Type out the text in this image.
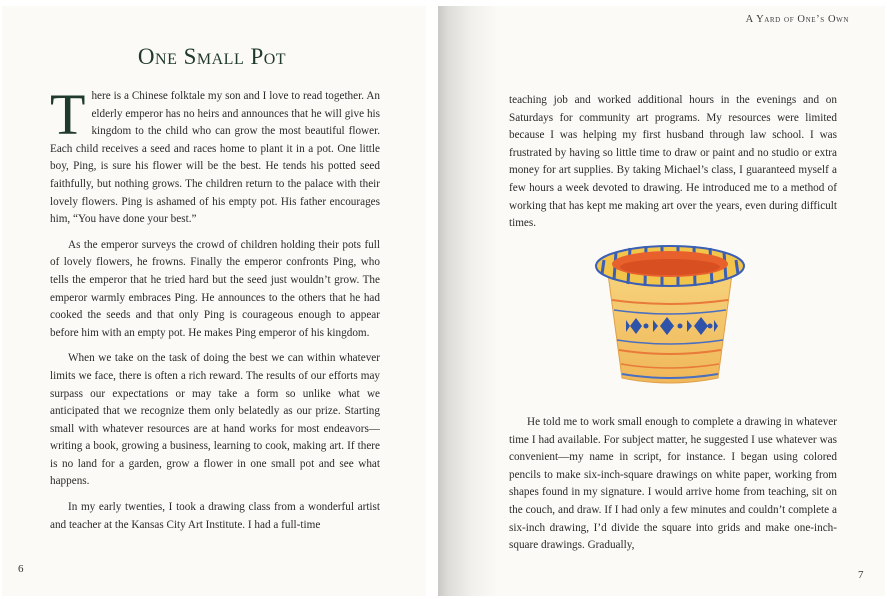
One Small Pot

There is a Chinese folktale my son and I love to read together. An elderly emperor has no heirs and announces that he will give his kingdom to the child who can grow the most beautiful flower. Each child receives a seed and races home to plant it in a pot. One little boy, Ping, is sure his flower will be the best. He tends his potted seed faithfully, but nothing grows. The children return to the palace with their lovely flowers. Ping is ashamed of his empty pot. His father encourages him, “You have done your best.”

As the emperor surveys the crowd of children holding their pots full of lovely flowers, he frowns. Finally the emperor confronts Ping, who tells the emperor that he tried hard but the seed just wouldn’t grow. The emperor warmly embraces Ping. He announces to the others that he had cooked the seeds and that only Ping is courageous enough to appear before him with an empty pot. He makes Ping emperor of his kingdom.

When we take on the task of doing the best we can within whatever limits we face, there is often a rich reward. The results of our efforts may surpass our expectations or may take a form so unlike what we anticipated that we recognize them only belatedly as our prize. Starting small with whatever resources are at hand works for most endeavors—writing a book, growing a business, learning to cook, making art. If there is no land for a garden, grow a flower in one small pot and see what happens.

In my early twenties, I took a drawing class from a wonderful artist and teacher at the Kansas City Art Institute. I had a full-time

6
A Yard of One’s Own

teaching job and worked additional hours in the evenings and on Saturdays for community art programs. My resources were limited because I was helping my first husband through law school. I was frustrated by having so little time to draw or paint and no studio or extra money for art supplies. By taking Michael’s class, I guaranteed myself a few hours a week devoted to drawing. He introduced me to a method of working that has kept me making art over the years, even during difficult times.

He told me to work small enough to complete a drawing in whatever time I had available. For subject matter, he suggested I use whatever was convenient—my name in script, for instance. I began using colored pencils to make six-inch-square drawings on white paper, working from shapes found in my signature. I would arrive home from teaching, sit on the couch, and draw. If I had only a few minutes and couldn’t complete a six-inch drawing, I’d divide the square into grids and make one-inch-square drawings. Gradually,

7
